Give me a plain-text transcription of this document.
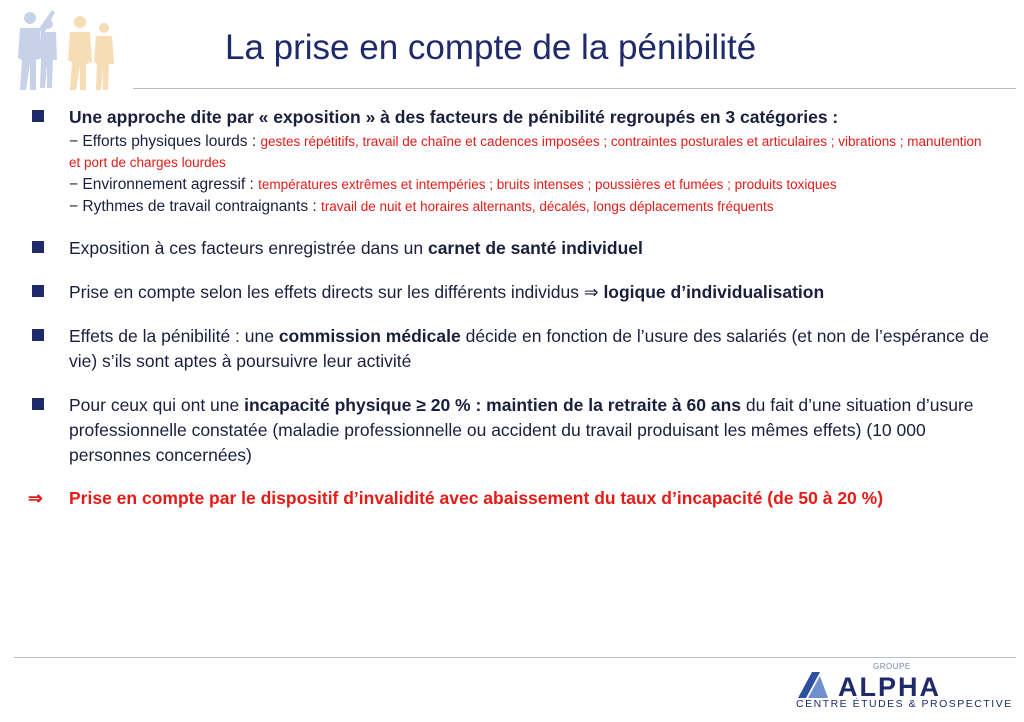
La prise en compte de la pénibilité
Une approche dite par « exposition » à des facteurs de pénibilité regroupés en 3 catégories :
− Efforts physiques lourds : gestes répétitifs, travail de chaîne et cadences imposées ; contraintes posturales et articulaires ; vibrations ; manutention et port de charges lourdes
− Environnement agressif : températures extrêmes et intempéries ; bruits intenses ; poussières et fumées ; produits toxiques
− Rythmes de travail contraignants : travail de nuit et horaires alternants, décalés, longs déplacements fréquents
Exposition à ces facteurs enregistrée dans un carnet de santé individuel
Prise en compte selon les effets directs sur les différents individus ⇒ logique d’individualisation
Effets de la pénibilité : une commission médicale décide en fonction de l’usure des salariés (et non de l’espérance de vie) s’ils sont aptes à poursuivre leur activité
Pour ceux qui ont une incapacité physique ≥ 20 % : maintien de la retraite à 60 ans du fait d’une situation d’usure professionnelle constatée (maladie professionnelle ou accident du travail produisant les mêmes effets) (10 000 personnes concernées)
⇒ Prise en compte par le dispositif d’invalidité avec abaissement du taux d’incapacité (de 50 à 20 %)
GROUPE
ALPHA
CENTRE ÉTUDES & PROSPECTIVE
